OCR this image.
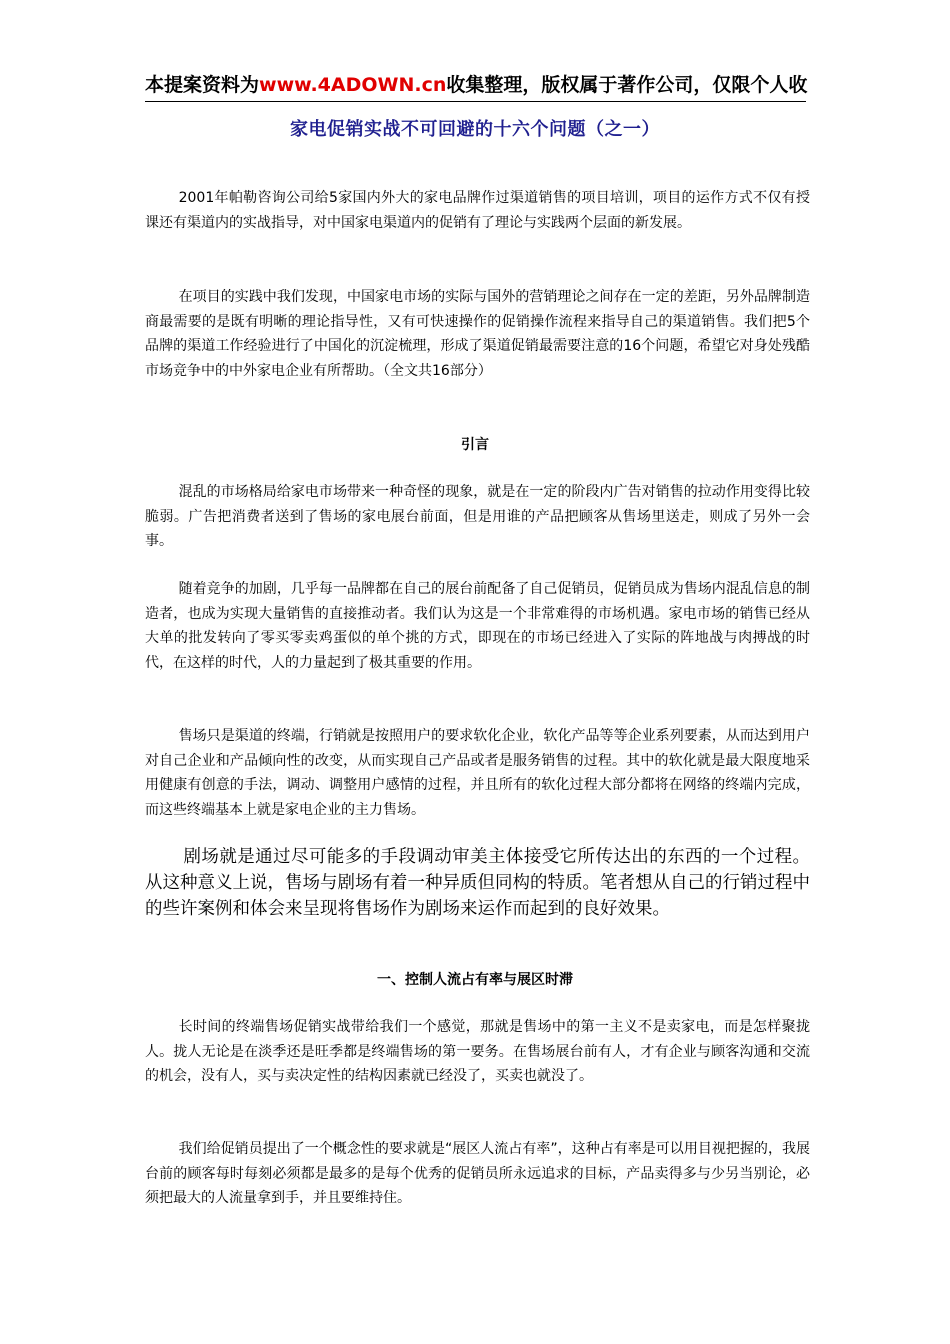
本提案资料为www.4ADOWN.cn收集整理，版权属于著作公司，仅限个人收
家电促销实战不可回避的十六个问题（之一）

2001年帕勒咨询公司给5家国内外大的家电品牌作过渠道销售的项目培训，项目的运作方式不仅有授课还有渠道内的实战指导，对中国家电渠道内的促销有了理论与实践两个层面的新发展。

在项目的实践中我们发现，中国家电市场的实际与国外的营销理论之间存在一定的差距，另外品牌制造商最需要的是既有明晰的理论指导性，又有可快速操作的促销操作流程来指导自己的渠道销售。我们把5个品牌的渠道工作经验进行了中国化的沉淀梳理，形成了渠道促销最需要注意的16个问题，希望它对身处残酷市场竞争中的中外家电企业有所帮助。（全文共16部分）

引言

混乱的市场格局给家电市场带来一种奇怪的现象，就是在一定的阶段内广告对销售的拉动作用变得比较脆弱。广告把消费者送到了售场的家电展台前面，但是用谁的产品把顾客从售场里送走，则成了另外一会事。

随着竞争的加剧，几乎每一品牌都在自己的展台前配备了自己促销员，促销员成为售场内混乱信息的制造者，也成为实现大量销售的直接推动者。我们认为这是一个非常难得的市场机遇。家电市场的销售已经从大单的批发转向了零买零卖鸡蛋似的单个挑的方式，即现在的市场已经进入了实际的阵地战与肉搏战的时代，在这样的时代，人的力量起到了极其重要的作用。

售场只是渠道的终端，行销就是按照用户的要求软化企业，软化产品等等企业系列要素，从而达到用户对自己企业和产品倾向性的改变，从而实现自己产品或者是服务销售的过程。其中的软化就是最大限度地采用健康有创意的手法，调动、调整用户感情的过程，并且所有的软化过程大部分都将在网络的终端内完成，而这些终端基本上就是家电企业的主力售场。

剧场就是通过尽可能多的手段调动审美主体接受它所传达出的东西的一个过程。从这种意义上说，售场与剧场有着一种异质但同构的特质。笔者想从自己的行销过程中的些许案例和体会来呈现将售场作为剧场来运作而起到的良好效果。

一、控制人流占有率与展区时滞

长时间的终端售场促销实战带给我们一个感觉，那就是售场中的第一主义不是卖家电，而是怎样聚拢人。拢人无论是在淡季还是旺季都是终端售场的第一要务。在售场展台前有人，才有企业与顾客沟通和交流的机会，没有人，买与卖决定性的结构因素就已经没了，买卖也就没了。

我们给促销员提出了一个概念性的要求就是“展区人流占有率”，这种占有率是可以用目视把握的，我展台前的顾客每时每刻必须都是最多的是每个优秀的促销员所永远追求的目标，产品卖得多与少另当别论，必须把最大的人流量拿到手，并且要维持住。
